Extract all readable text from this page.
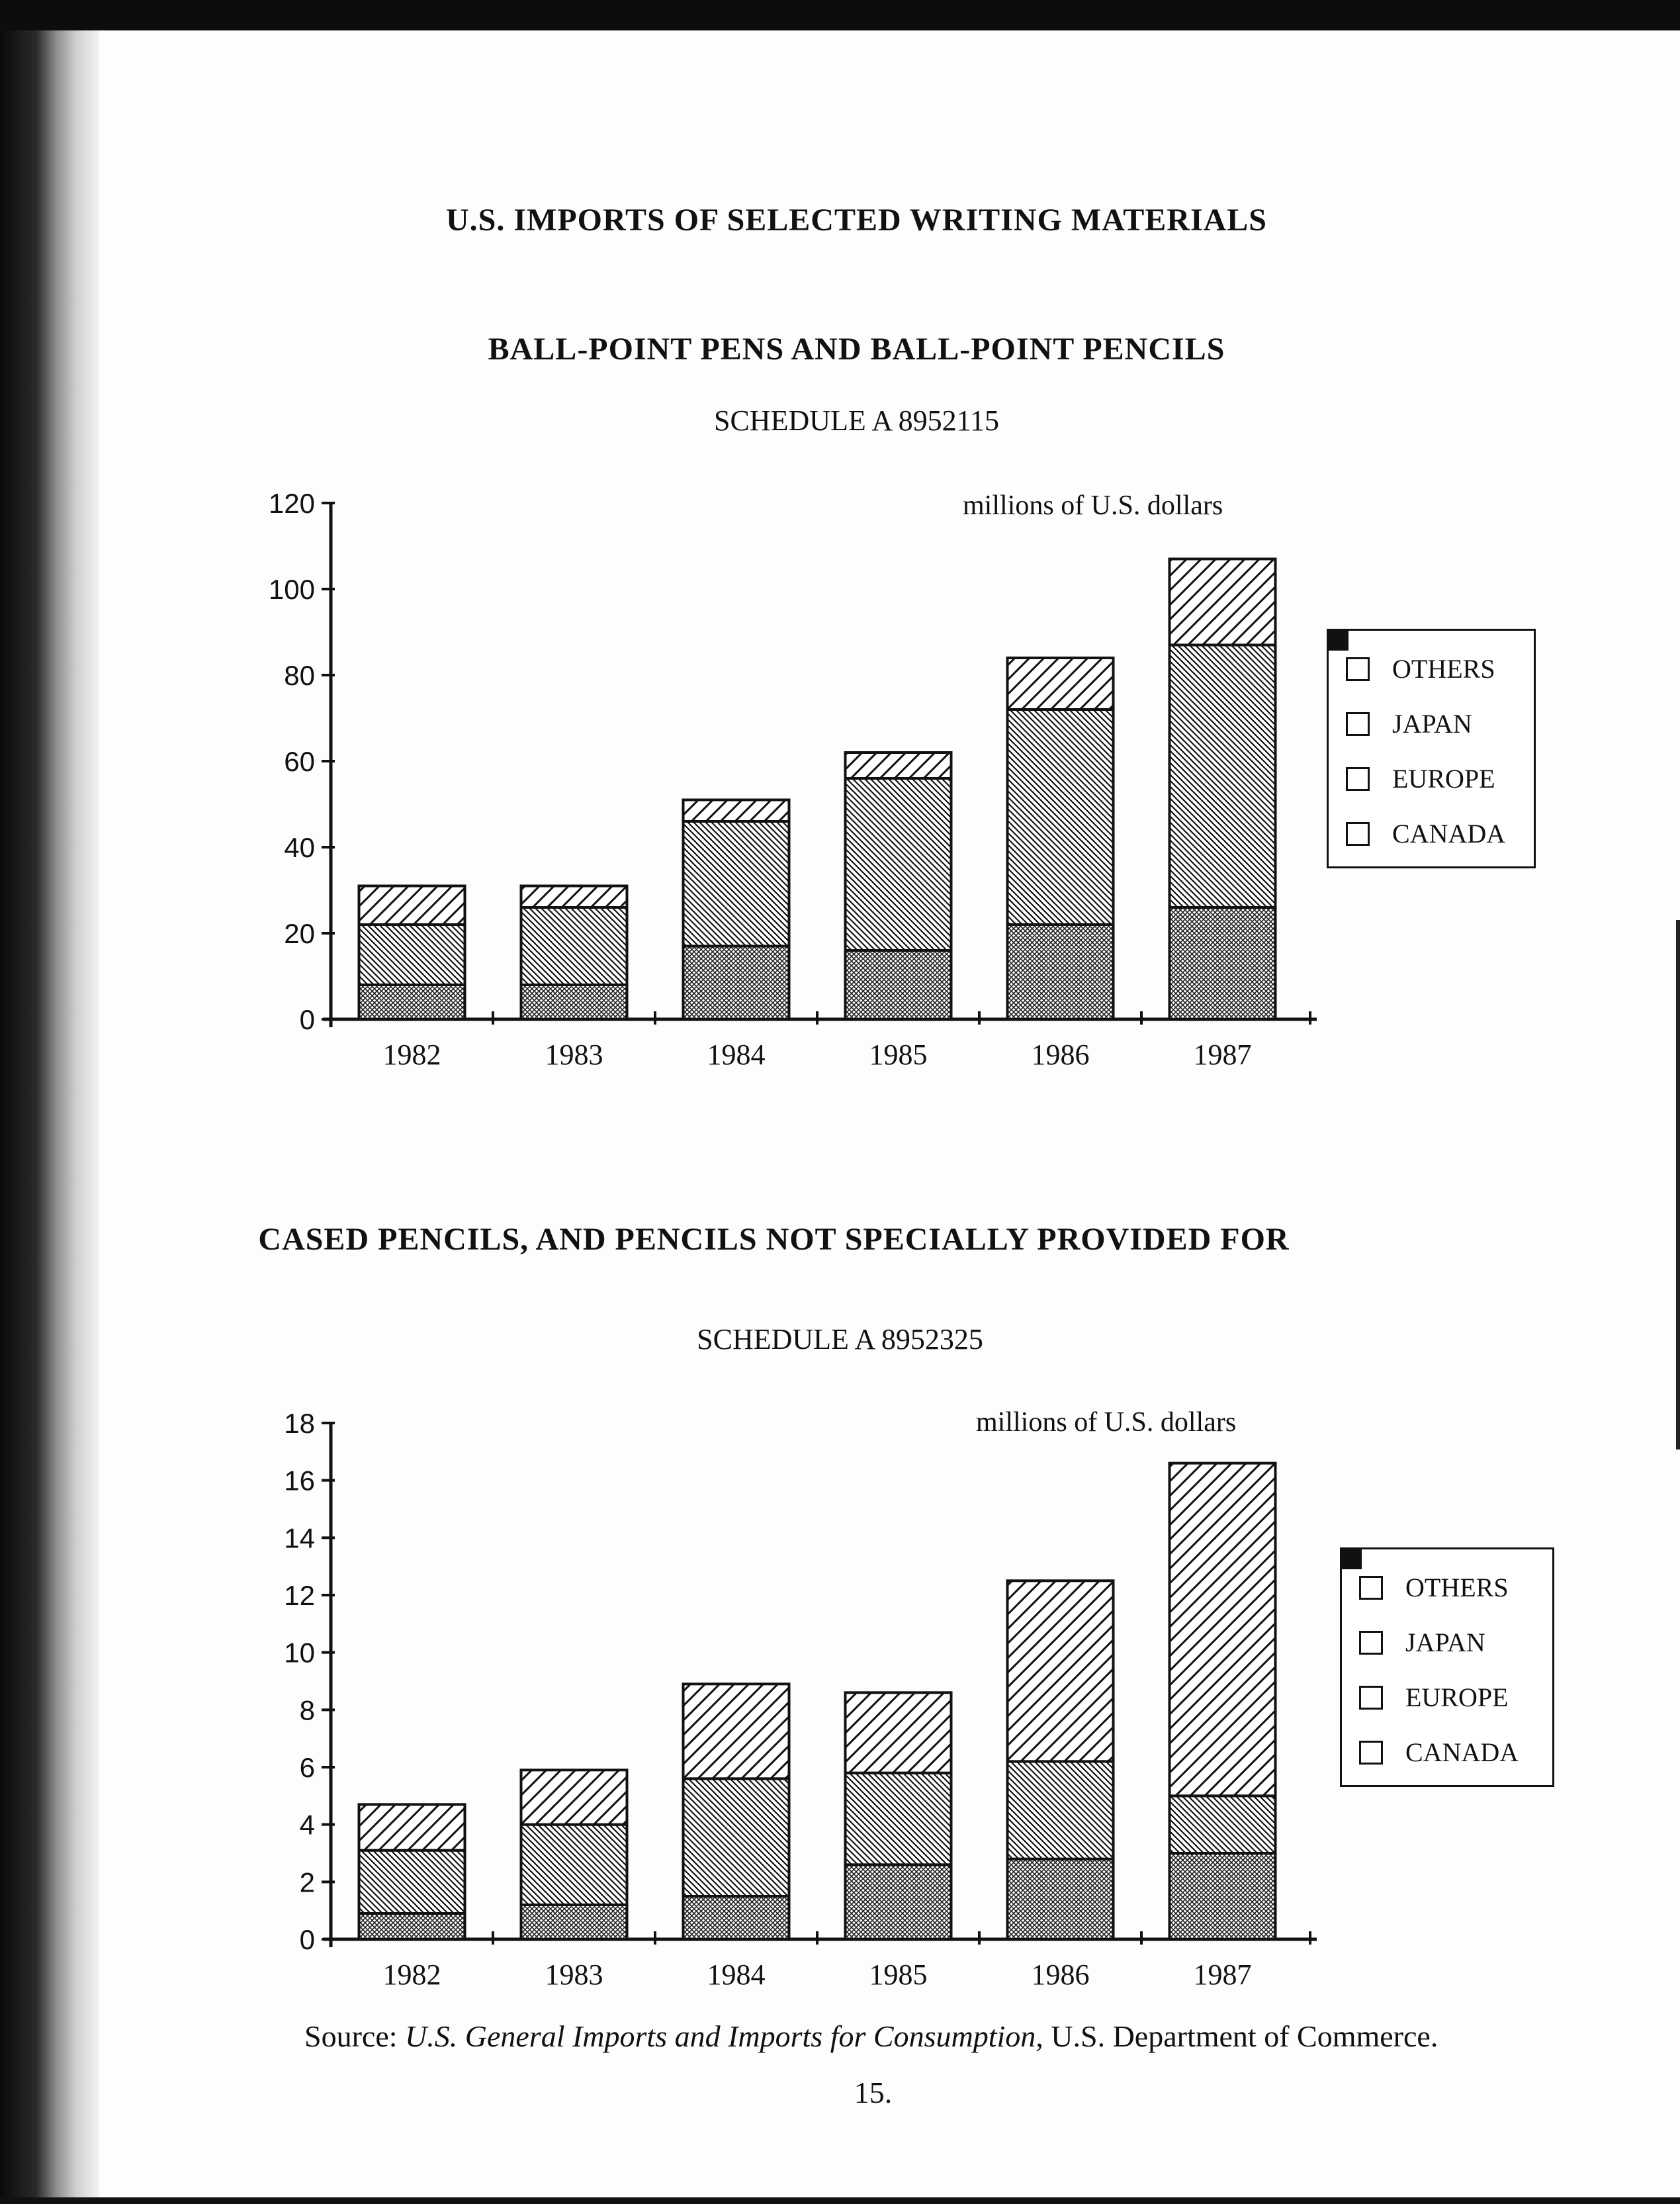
U.S. IMPORTS OF SELECTED WRITING MATERIALS
BALL-POINT PENS AND BALL-POINT PENCILS
SCHEDULE A 8952115
millions of U.S. dollars
0
20
40
60
80
100
120
1982	1983	1984	1985	1986	1987
OTHERS
JAPAN
EUROPE
CANADA
CASED PENCILS, AND PENCILS NOT SPECIALLY PROVIDED FOR
SCHEDULE A 8952325
millions of U.S. dollars
0
2
4
6
8
10
12
14
16
18
1982	1983	1984	1985	1986	1987
OTHERS
JAPAN
EUROPE
CANADA
Source: U.S. General Imports and Imports for Consumption, U.S. Department of Commerce.
15.
